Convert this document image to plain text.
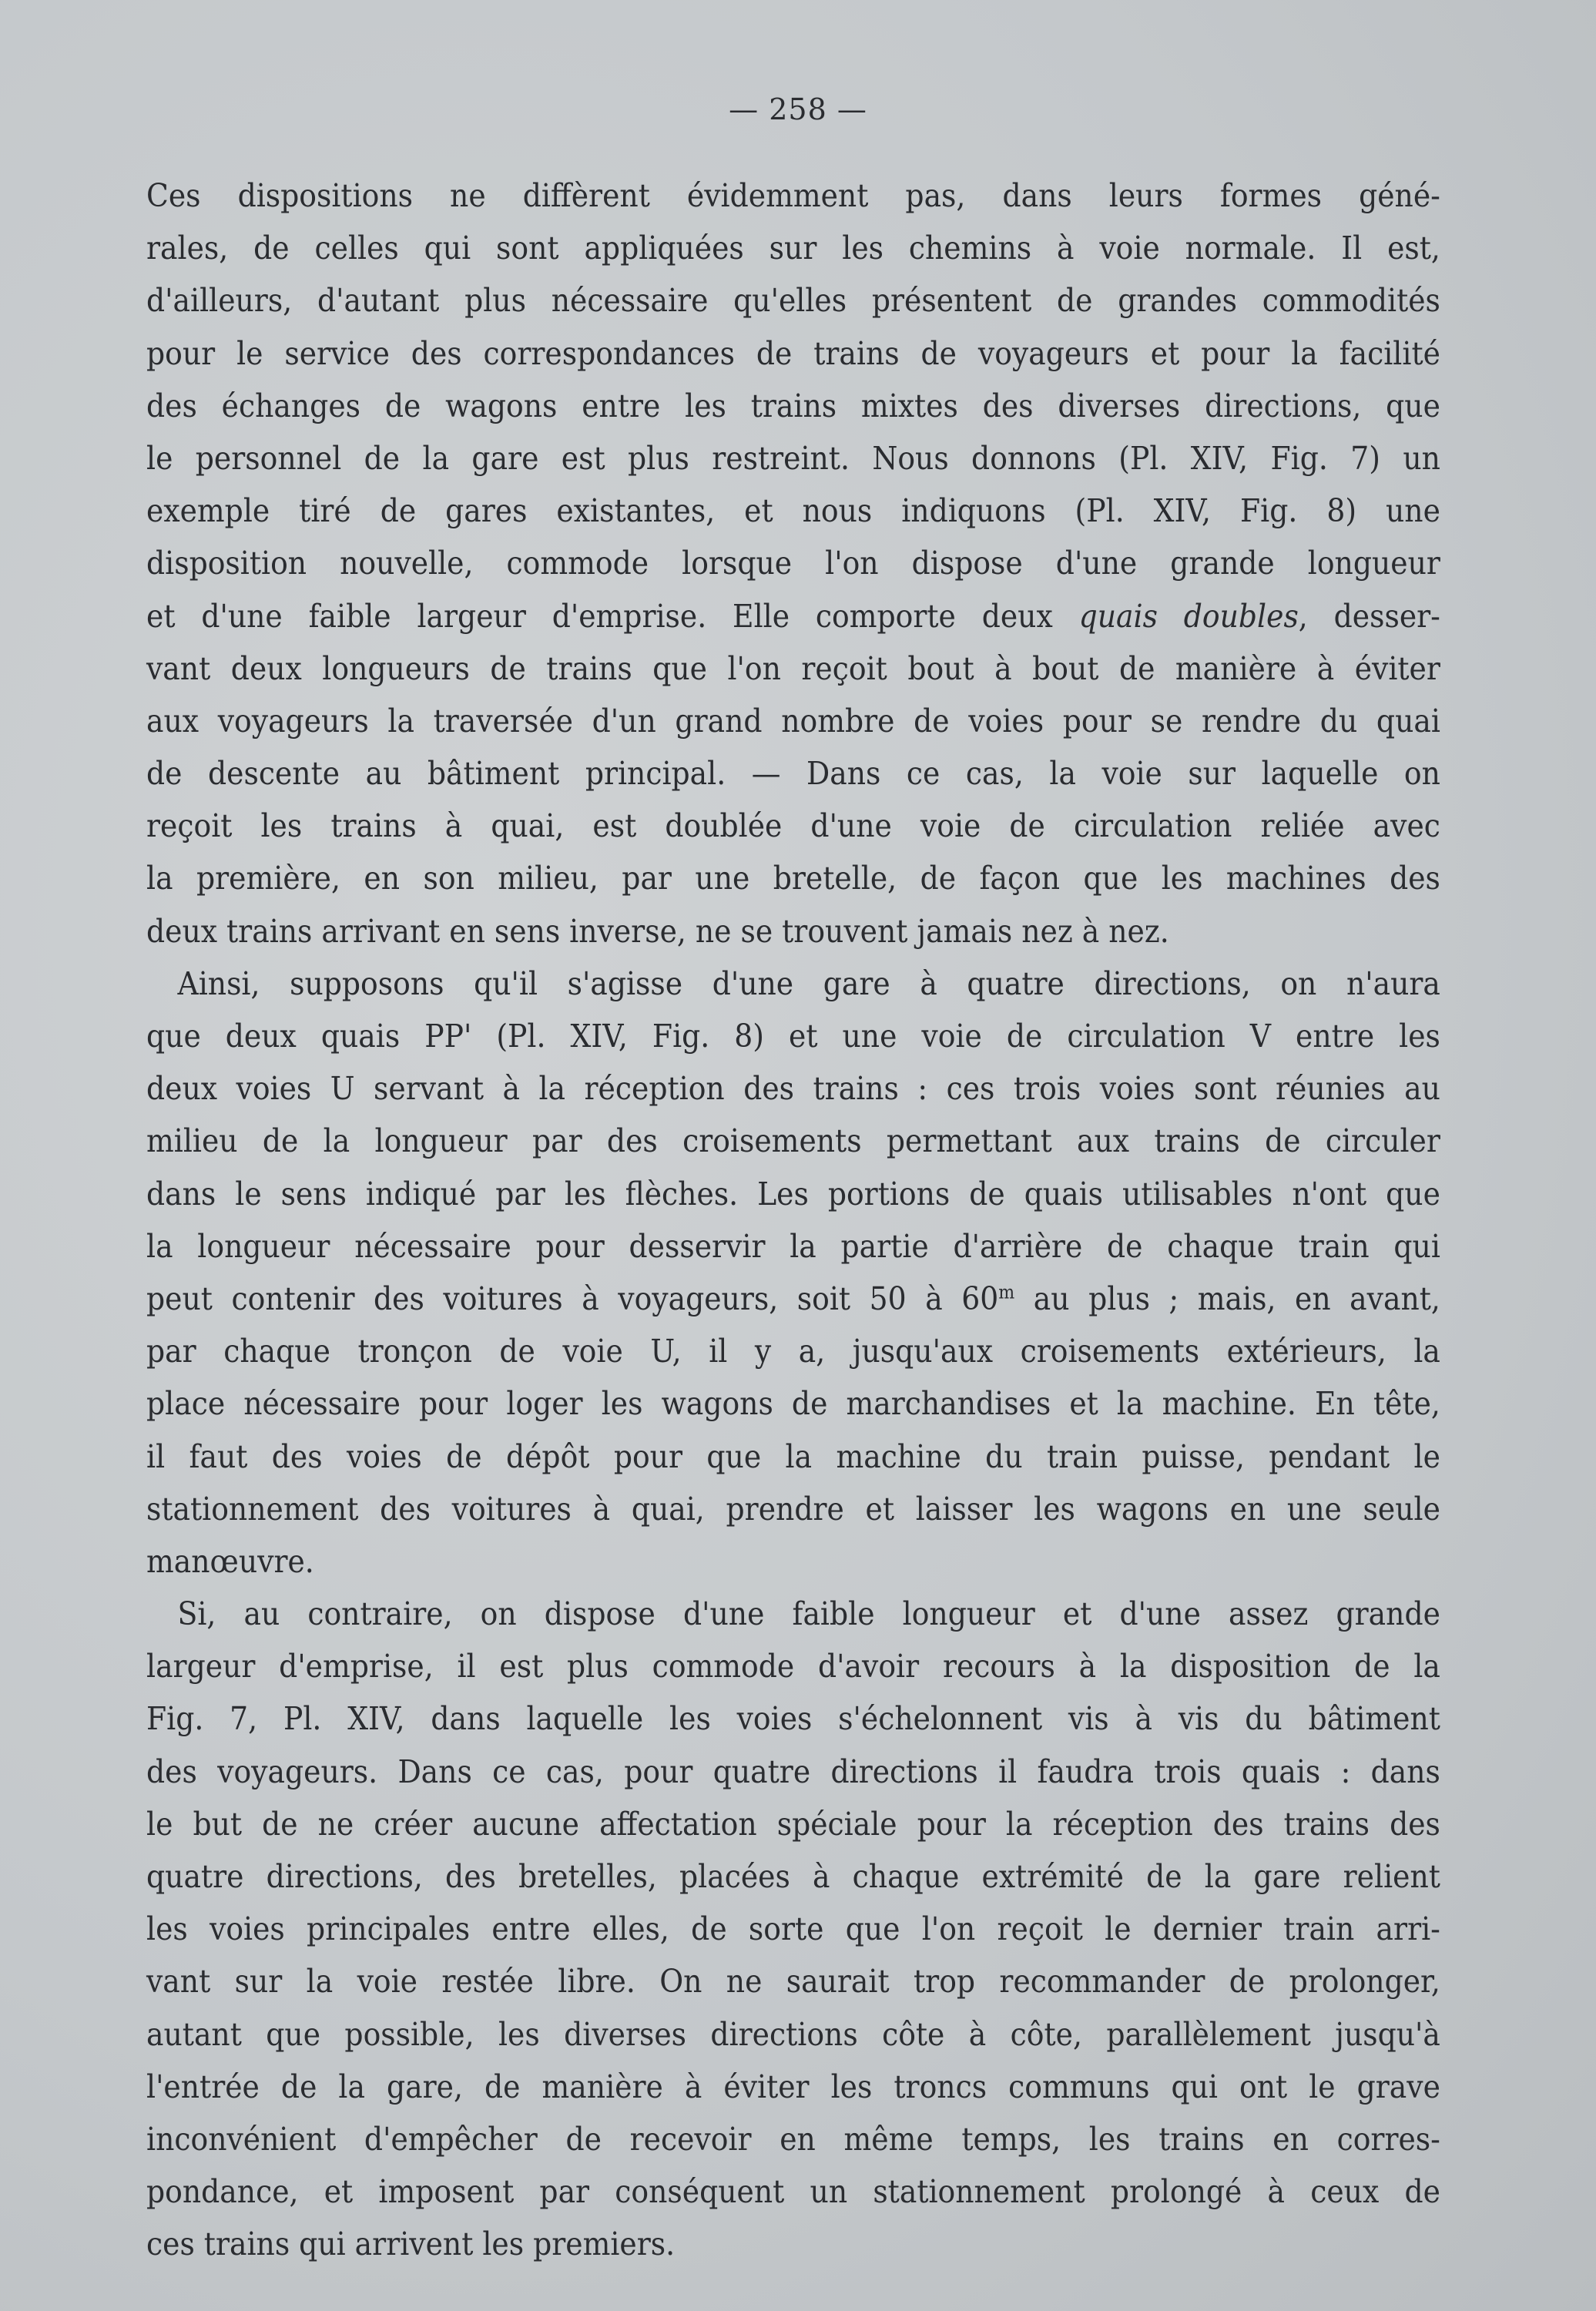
— 258 —
Ces dispositions ne diffèrent évidemment pas, dans leurs formes géné-
rales, de celles qui sont appliquées sur les chemins à voie normale. Il est,
d'ailleurs, d'autant plus nécessaire qu'elles présentent de grandes commodités
pour le service des correspondances de trains de voyageurs et pour la facilité
des échanges de wagons entre les trains mixtes des diverses directions, que
le personnel de la gare est plus restreint. Nous donnons (Pl. XIV, Fig. 7) un
exemple tiré de gares existantes, et nous indiquons (Pl. XIV, Fig. 8) une
disposition nouvelle, commode lorsque l'on dispose d'une grande longueur
et d'une faible largeur d'emprise. Elle comporte deux quais doubles, desser-
vant deux longueurs de trains que l'on reçoit bout à bout de manière à éviter
aux voyageurs la traversée d'un grand nombre de voies pour se rendre du quai
de descente au bâtiment principal. — Dans ce cas, la voie sur laquelle on
reçoit les trains à quai, est doublée d'une voie de circulation reliée avec
la première, en son milieu, par une bretelle, de façon que les machines des
deux trains arrivant en sens inverse, ne se trouvent jamais nez à nez.
Ainsi, supposons qu'il s'agisse d'une gare à quatre directions, on n'aura
que deux quais PP' (Pl. XIV, Fig. 8) et une voie de circulation V entre les
deux voies U servant à la réception des trains : ces trois voies sont réunies au
milieu de la longueur par des croisements permettant aux trains de circuler
dans le sens indiqué par les flèches. Les portions de quais utilisables n'ont que
la longueur nécessaire pour desservir la partie d'arrière de chaque train qui
peut contenir des voitures à voyageurs, soit 50 à 60$^m$ au plus ; mais, en avant,
par chaque tronçon de voie U, il y a, jusqu'aux croisements extérieurs, la
place nécessaire pour loger les wagons de marchandises et la machine. En tête,
il faut des voies de dépôt pour que la machine du train puisse, pendant le
stationnement des voitures à quai, prendre et laisser les wagons en une seule
manœuvre.
Si, au contraire, on dispose d'une faible longueur et d'une assez grande
largeur d'emprise, il est plus commode d'avoir recours à la disposition de la
Fig. 7, Pl. XIV, dans laquelle les voies s'échelonnent vis à vis du bâtiment
des voyageurs. Dans ce cas, pour quatre directions il faudra trois quais : dans
le but de ne créer aucune affectation spéciale pour la réception des trains des
quatre directions, des bretelles, placées à chaque extrémité de la gare relient
les voies principales entre elles, de sorte que l'on reçoit le dernier train arri-
vant sur la voie restée libre. On ne saurait trop recommander de prolonger,
autant que possible, les diverses directions côte à côte, parallèlement jusqu'à
l'entrée de la gare, de manière à éviter les troncs communs qui ont le grave
inconvénient d'empêcher de recevoir en même temps, les trains en corres-
pondance, et imposent par conséquent un stationnement prolongé à ceux de
ces trains qui arrivent les premiers.
